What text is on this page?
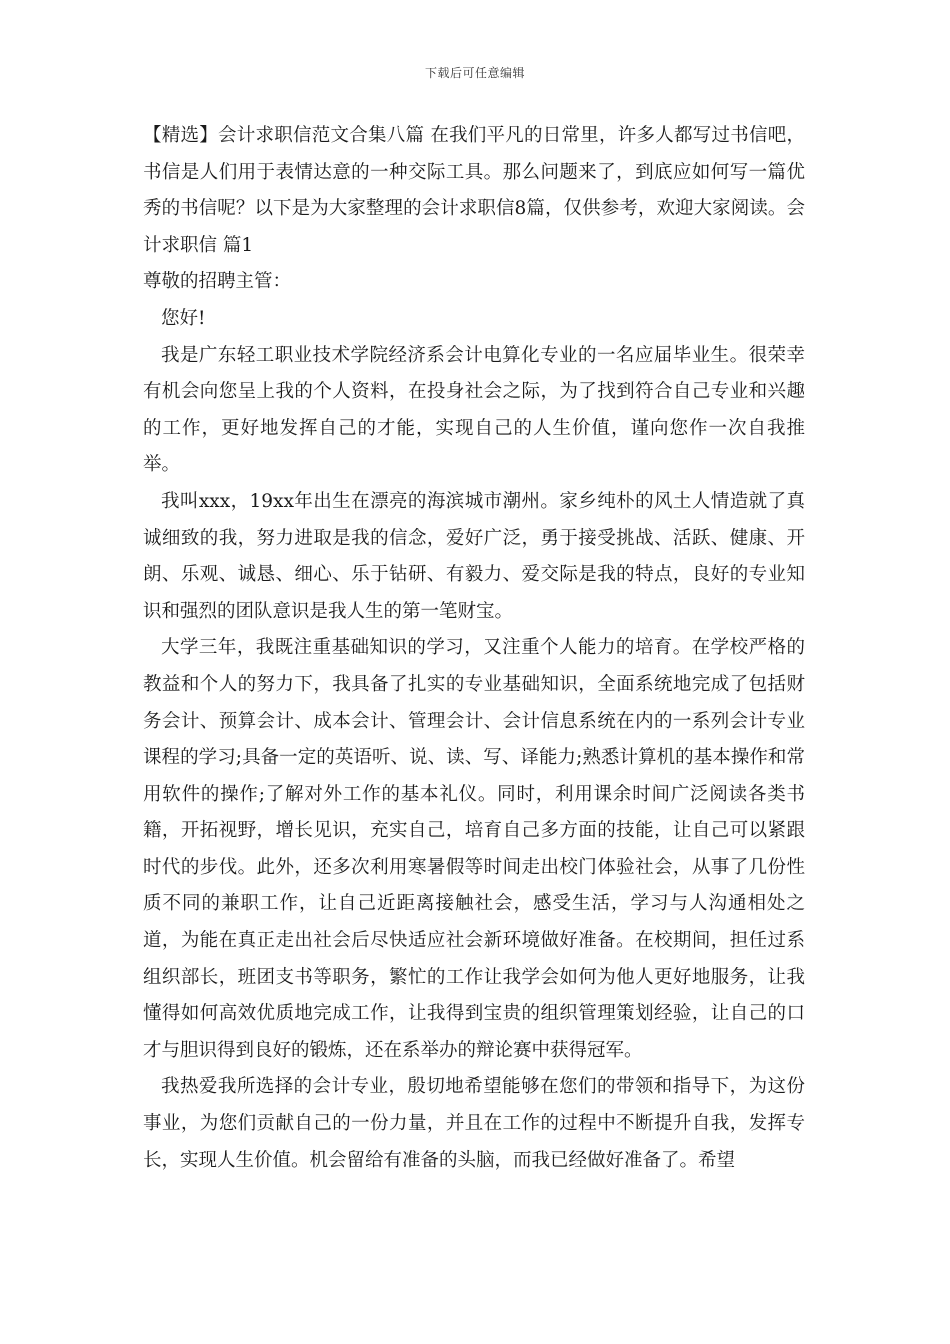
下载后可任意编辑

【精选】会计求职信范文合集八篇 在我们平凡的日常里，许多人都写过书信吧，书信是人们用于表情达意的一种交际工具。那么问题来了，到底应如何写一篇优秀的书信呢？以下是为大家整理的会计求职信8篇，仅供参考，欢迎大家阅读。会计求职信 篇1

尊敬的招聘主管：

您好!

我是广东轻工职业技术学院经济系会计电算化专业的一名应届毕业生。很荣幸有机会向您呈上我的个人资料，在投身社会之际，为了找到符合自己专业和兴趣的工作，更好地发挥自己的才能，实现自己的人生价值，谨向您作一次自我推举。

我叫xxx，19xx年出生在漂亮的海滨城市潮州。家乡纯朴的风土人情造就了真诚细致的我，努力进取是我的信念，爱好广泛，勇于接受挑战、活跃、健康、开朗、乐观、诚恳、细心、乐于钻研、有毅力、爱交际是我的特点，良好的专业知识和强烈的团队意识是我人生的第一笔财宝。

大学三年，我既注重基础知识的学习，又注重个人能力的培育。在学校严格的教益和个人的努力下，我具备了扎实的专业基础知识，全面系统地完成了包括财务会计、预算会计、成本会计、管理会计、会计信息系统在内的一系列会计专业课程的学习;具备一定的英语听、说、读、写、译能力;熟悉计算机的基本操作和常用软件的操作;了解对外工作的基本礼仪。同时，利用课余时间广泛阅读各类书籍，开拓视野，增长见识，充实自己，培育自己多方面的技能，让自己可以紧跟时代的步伐。此外，还多次利用寒暑假等时间走出校门体验社会，从事了几份性质不同的兼职工作，让自己近距离接触社会，感受生活，学习与人沟通相处之道，为能在真正走出社会后尽快适应社会新环境做好准备。在校期间，担任过系组织部长，班团支书等职务，繁忙的工作让我学会如何为他人更好地服务，让我懂得如何高效优质地完成工作，让我得到宝贵的组织管理策划经验，让自己的口才与胆识得到良好的锻炼，还在系举办的辩论赛中获得冠军。

我热爱我所选择的会计专业，殷切地希望能够在您们的带领和指导下，为这份事业，为您们贡献自己的一份力量，并且在工作的过程中不断提升自我，发挥专长，实现人生价值。机会留给有准备的头脑，而我已经做好准备了。希望
